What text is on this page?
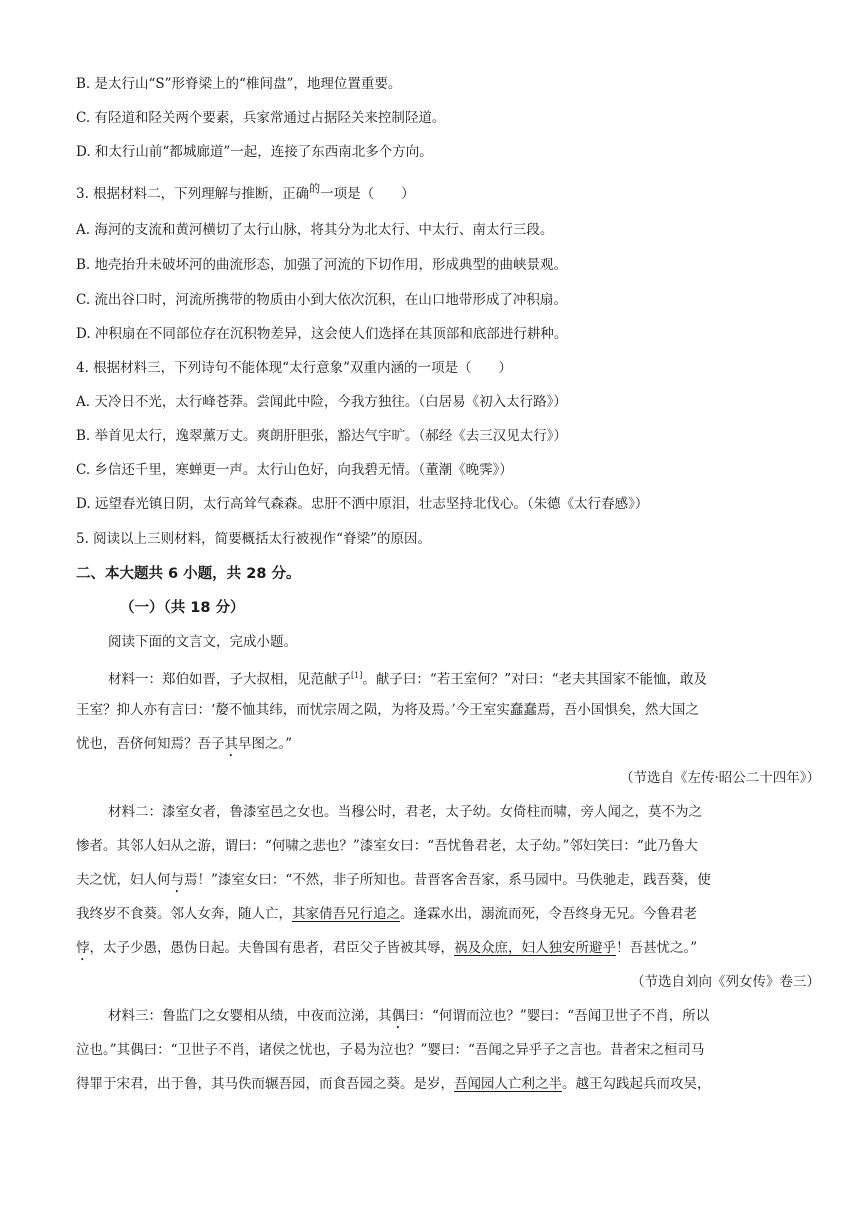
B. 是太行山“S”形脊梁上的“椎间盘”，地理位置重要。
C. 有陉道和陉关两个要素，兵家常通过占据陉关来控制陉道。
D. 和太行山前“都城廊道”一起，连接了东西南北多个方向。
3. 根据材料二，下列理解与推断，正确$^的$一项是（　　）
A. 海河的支流和黄河横切了太行山脉，将其分为北太行、中太行、南太行三段。
B. 地壳抬升未破坏河的曲流形态，加强了河流的下切作用，形成典型的曲峡景观。
C. 流出谷口时，河流所携带的物质由小到大依次沉积，在山口地带形成了冲积扇。
D. 冲积扇在不同部位存在沉积物差异，这会使人们选择在其顶部和底部进行耕种。
4. 根据材料三，下列诗句不能体现“太行意象”双重内涵的一项是（　　）
A. 天冷日不光，太行峰苍莽。尝闻此中险，今我方独往。（白居易《初入太行路》）
B. 举首见太行，逸翠薰万丈。爽朗肝胆张，豁达气宇旷。（郝经《去三汉见太行》）
C. 乡信还千里，寒蝉更一声。太行山色好，向我碧无情。（董潮《晚霁》）
D. 远望春光镇日阴，太行高耸气森森。忠肝不洒中原泪，壮志坚持北伐心。（朱德《太行春感》）
5. 阅读以上三则材料，简要概括太行被视作“脊梁”的原因。
二、本大题共 6 小题，共 28 分。
（一）（共 18 分）
阅读下面的文言文，完成小题。
材料一：郑伯如晋，子大叔相，见范献子[1]。献子曰：“若王室何？”对曰：“老夫其国家不能恤，敢及
王室？抑人亦有言曰：‘嫠不恤其纬，而忧宗周之陨，为将及焉。’今王室实蠢蠢焉，吾小国惧矣，然大国之
忧也，吾侪何知焉？吾子其早图之。”
（节选自《左传·昭公二十四年》）
材料二：漆室女者，鲁漆室邑之女也。当穆公时，君老，太子幼。女倚柱而啸，旁人闻之，莫不为之
惨者。其邻人妇从之游，谓曰：“何啸之悲也？”漆室女曰：“吾忧鲁君老，太子幼。”邻妇笑曰：“此乃鲁大
夫之忧，妇人何与焉！”漆室女曰：“不然，非子所知也。昔晋客舍吾家，系马园中。马佚驰走，践吾葵，使
我终岁不食葵。邻人女奔，随人亡，其家倩吾兄行追之。逢霖水出，溺流而死，令吾终身无兄。今鲁君老
悖，太子少愚，愚伪日起。夫鲁国有患者，君臣父子皆被其辱，祸及众庶，妇人独安所避乎！吾甚忧之。”
（节选自刘向《列女传》卷三）
材料三：鲁监门之女婴相从绩，中夜而泣涕，其偶曰：“何谓而泣也？”婴曰：“吾闻卫世子不肖，所以
泣也。”其偶曰：“卫世子不肖，诸侯之忧也，子曷为泣也？”婴曰：“吾闻之异乎子之言也。昔者宋之桓司马
得罪于宋君，出于鲁，其马佚而辗吾园，而食吾园之葵。是岁，吾闻园人亡利之半。越王勾践起兵而攻吴，
